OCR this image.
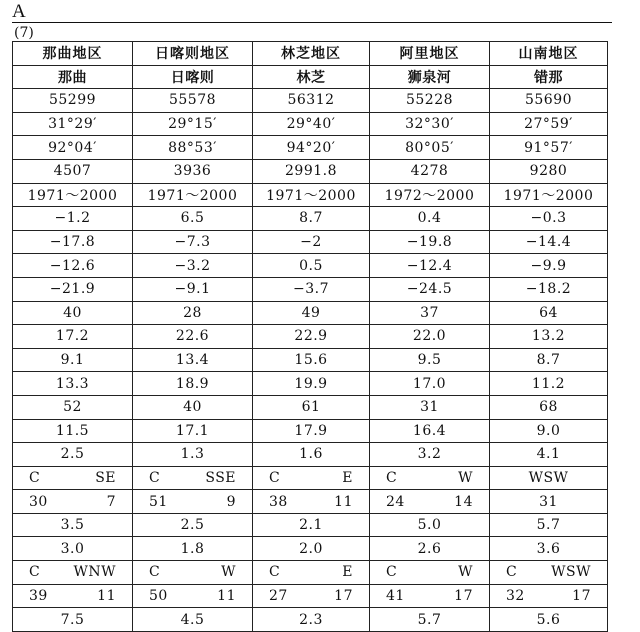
A
(7)
那曲地区	日喀则地区	林芝地区	阿里地区	山南地区
那曲	日喀则	林芝	狮泉河	错那
55299	55578	56312	55228	55690
31°29′	29°15′	29°40′	32°30′	27°59′
92°04′	88°53′	94°20′	80°05′	91°57′
4507	3936	2991.8	4278	9280
1971～2000	1971～2000	1971～2000	1972～2000	1971～2000
−1.2	6.5	8.7	0.4	−0.3
−17.8	−7.3	−2	−19.8	−14.4
−12.6	−3.2	0.5	−12.4	−9.9
−21.9	−9.1	−3.7	−24.5	−18.2
40	28	49	37	64
17.2	22.6	22.9	22.0	13.2
9.1	13.4	15.6	9.5	8.7
13.3	18.9	19.9	17.0	11.2
52	40	61	31	68
11.5	17.1	17.9	16.4	9.0
2.5	1.3	1.6	3.2	4.1

C SE	C SSE	C E	C W	WSW

30 7	51 9	38 11	24 14	31
3.5	2.5	2.1	5.0	5.7
3.0	1.8	2.0	2.6	3.6

C WNW	C W	C E	C W	C WSW

39 11	50 11	27 17	41 17	32 17

7.5	4.5	2.3	5.7	5.6
